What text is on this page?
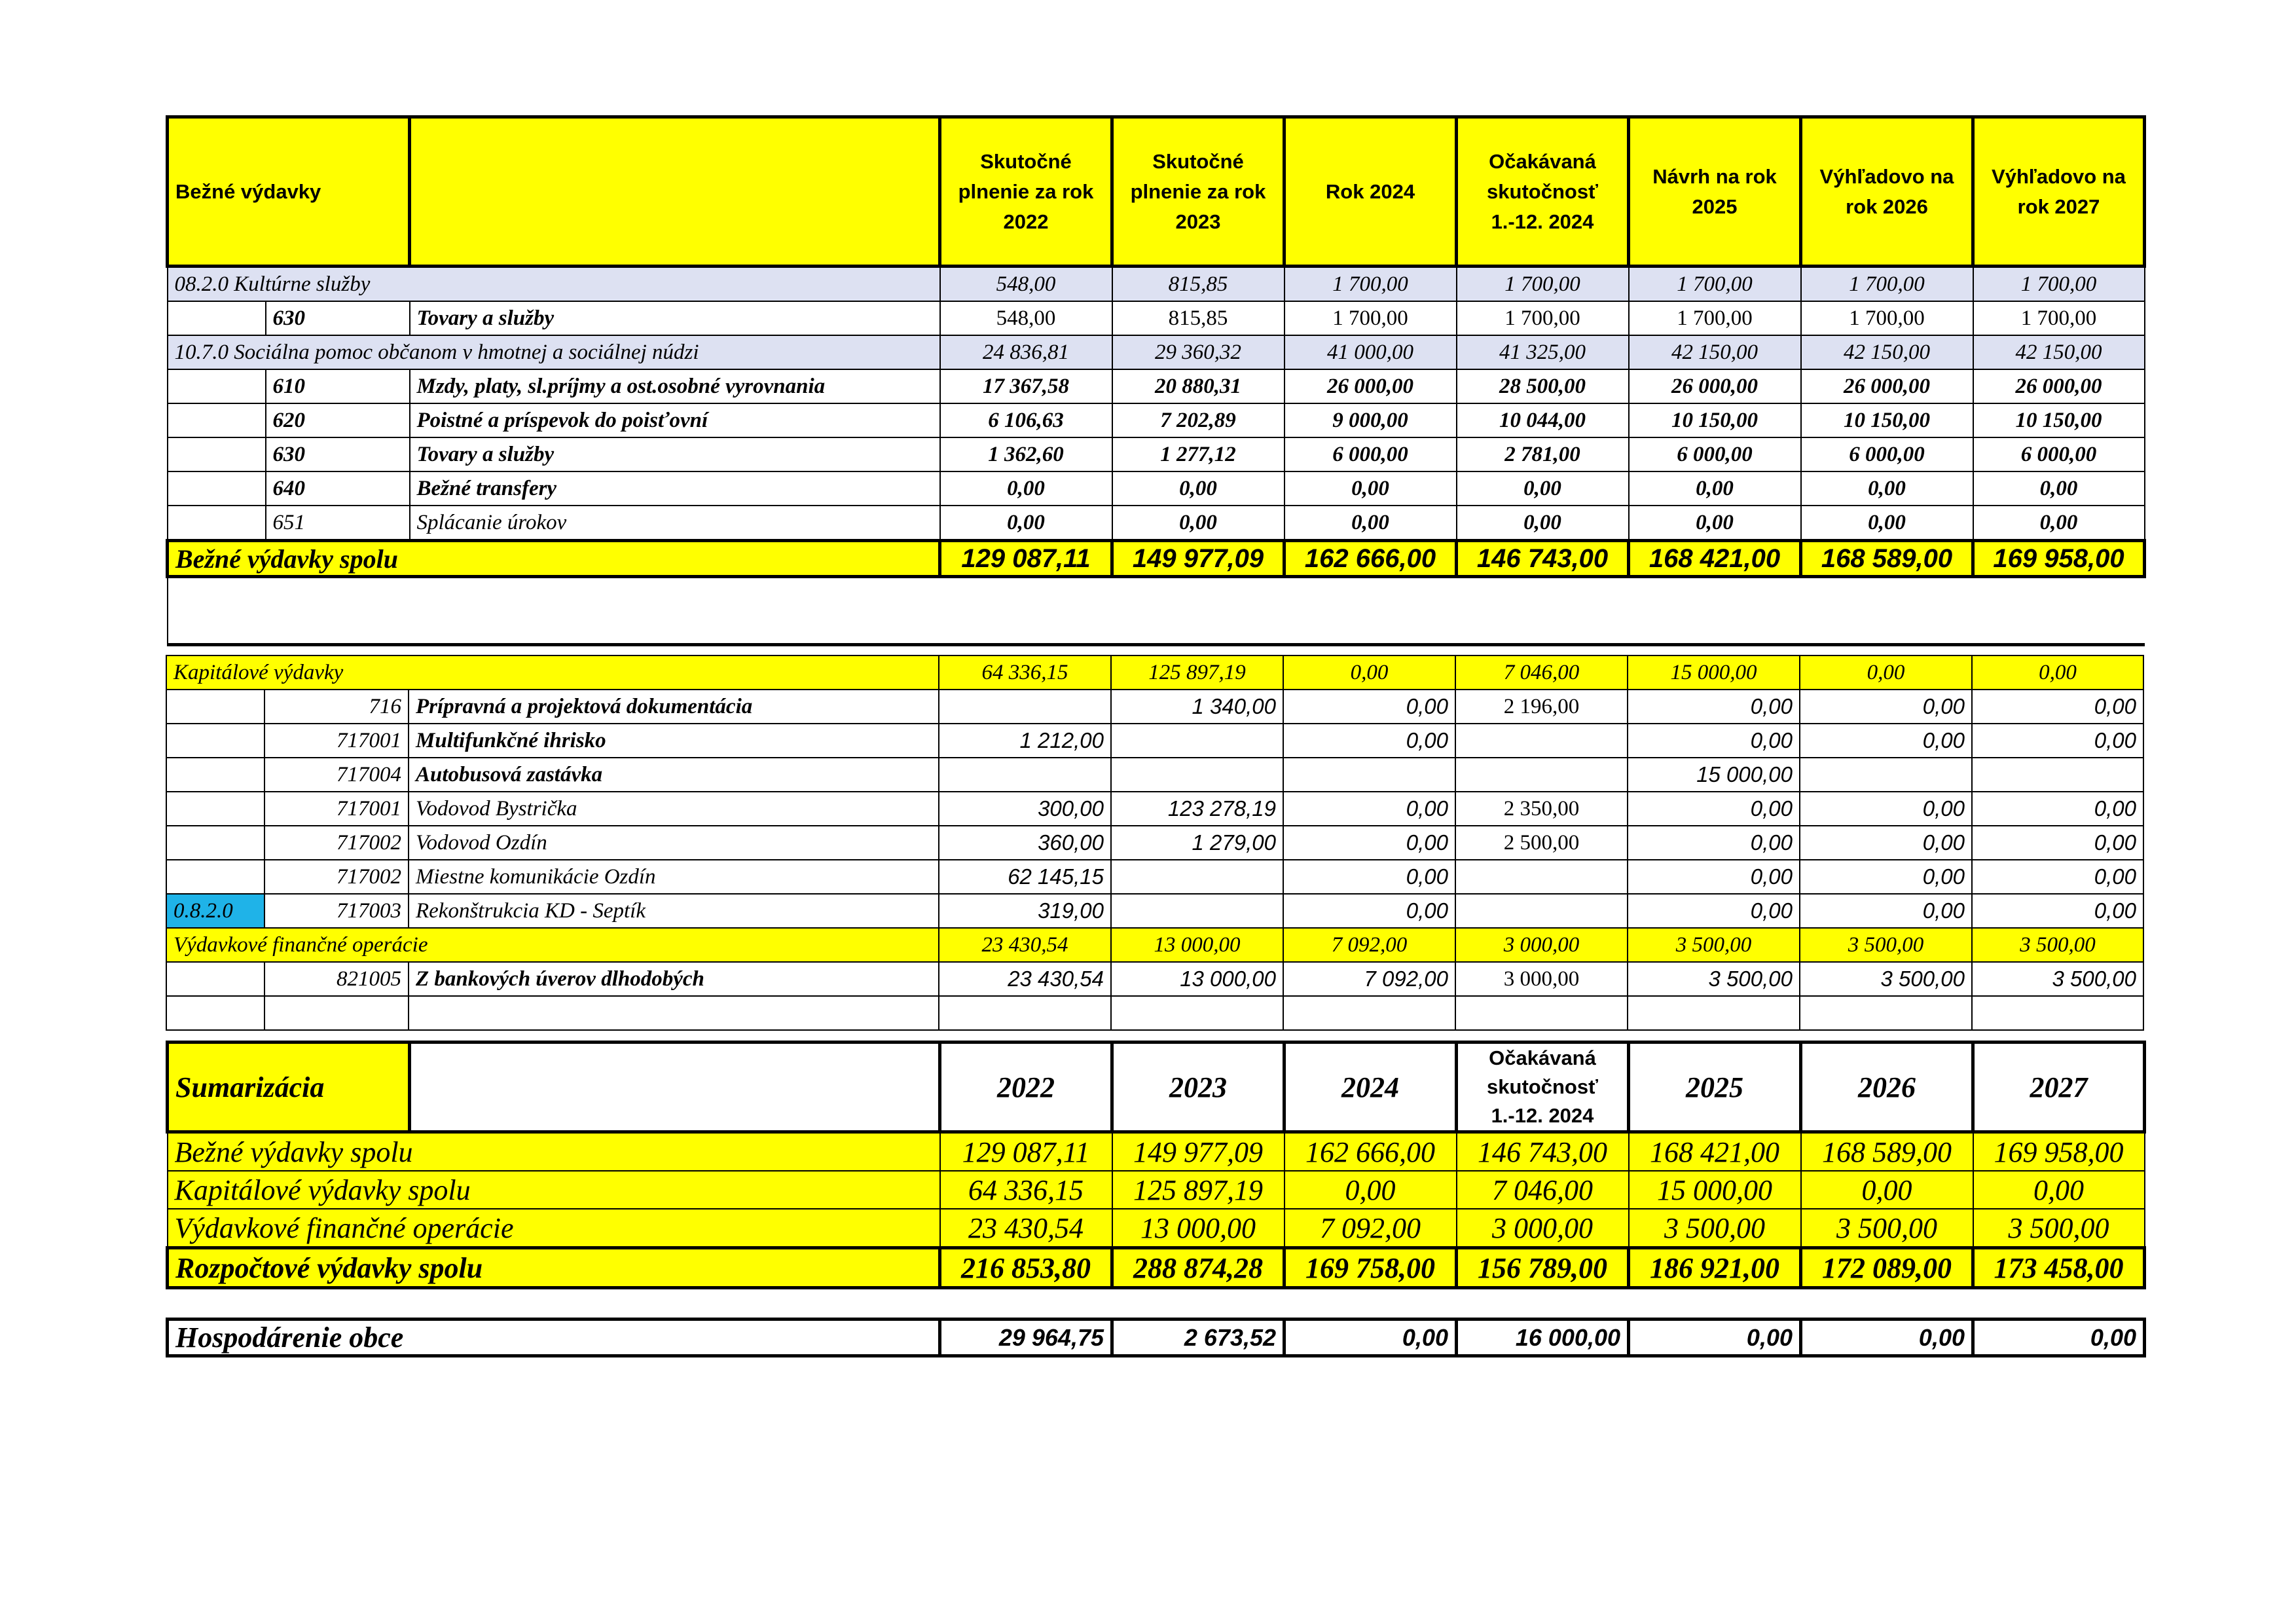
Bežné výdavky			Skutočné plnenie za rok 2022	Skutočné plnenie za rok 2023	Rok 2024	Očakávaná skutočnosť 1.-12. 2024	Návrh na rok 2025	Výhľadovo na rok 2026	Výhľadovo na rok 2027
08.2.0 Kultúrne služby			548,00	815,85	1 700,00	1 700,00	1 700,00	1 700,00	1 700,00
	630	Tovary a služby	548,00	815,85	1 700,00	1 700,00	1 700,00	1 700,00	1 700,00
10.7.0 Sociálna pomoc občanom v hmotnej a sociálnej núdzi			24 836,81	29 360,32	41 000,00	41 325,00	42 150,00	42 150,00	42 150,00
	610	Mzdy, platy, sl.príjmy a ost.osobné vyrovnania	17 367,58	20 880,31	26 000,00	28 500,00	26 000,00	26 000,00	26 000,00
	620	Poistné a príspevok do poisťovní	6 106,63	7 202,89	9 000,00	10 044,00	10 150,00	10 150,00	10 150,00
	630	Tovary a služby	1 362,60	1 277,12	6 000,00	2 781,00	6 000,00	6 000,00	6 000,00
	640	Bežné transfery	0,00	0,00	0,00	0,00	0,00	0,00	0,00
	651	Splácanie úrokov	0,00	0,00	0,00	0,00	0,00	0,00	0,00
Bežné výdavky spolu			129 087,11	149 977,09	162 666,00	146 743,00	168 421,00	168 589,00	169 958,00

Kapitálové výdavky			64 336,15	125 897,19	0,00	7 046,00	15 000,00	0,00	0,00
	716	Prípravná a projektová dokumentácia		1 340,00	0,00	2 196,00	0,00	0,00	0,00
	717001	Multifunkčné ihrisko	1 212,00		0,00		0,00	0,00	0,00
	717004	Autobusová zastávka					15 000,00		
	717001	Vodovod Bystrička	300,00	123 278,19	0,00	2 350,00	0,00	0,00	0,00
	717002	Vodovod Ozdín	360,00	1 279,00	0,00	2 500,00	0,00	0,00	0,00
	717002	Miestne komunikácie Ozdín	62 145,15		0,00		0,00	0,00	0,00
0.8.2.0	717003	Rekonštrukcia KD - Septík	319,00		0,00		0,00	0,00	0,00
Výdavkové finančné operácie			23 430,54	13 000,00	7 092,00	3 000,00	3 500,00	3 500,00	3 500,00
	821005	Z bankových úverov dlhodobých	23 430,54	13 000,00	7 092,00	3 000,00	3 500,00	3 500,00	3 500,00

Sumarizácia		2022	2023	2024	Očakávaná skutočnosť 1.-12. 2024	2025	2026	2027
Bežné výdavky spolu		129 087,11	149 977,09	162 666,00	146 743,00	168 421,00	168 589,00	169 958,00
Kapitálové výdavky spolu		64 336,15	125 897,19	0,00	7 046,00	15 000,00	0,00	0,00
Výdavkové finančné operácie		23 430,54	13 000,00	7 092,00	3 000,00	3 500,00	3 500,00	3 500,00
Rozpočtové výdavky spolu		216 853,80	288 874,28	169 758,00	156 789,00	186 921,00	172 089,00	173 458,00
Hospodárenie obce	29 964,75	2 673,52	0,00	16 000,00	0,00	0,00	0,00
